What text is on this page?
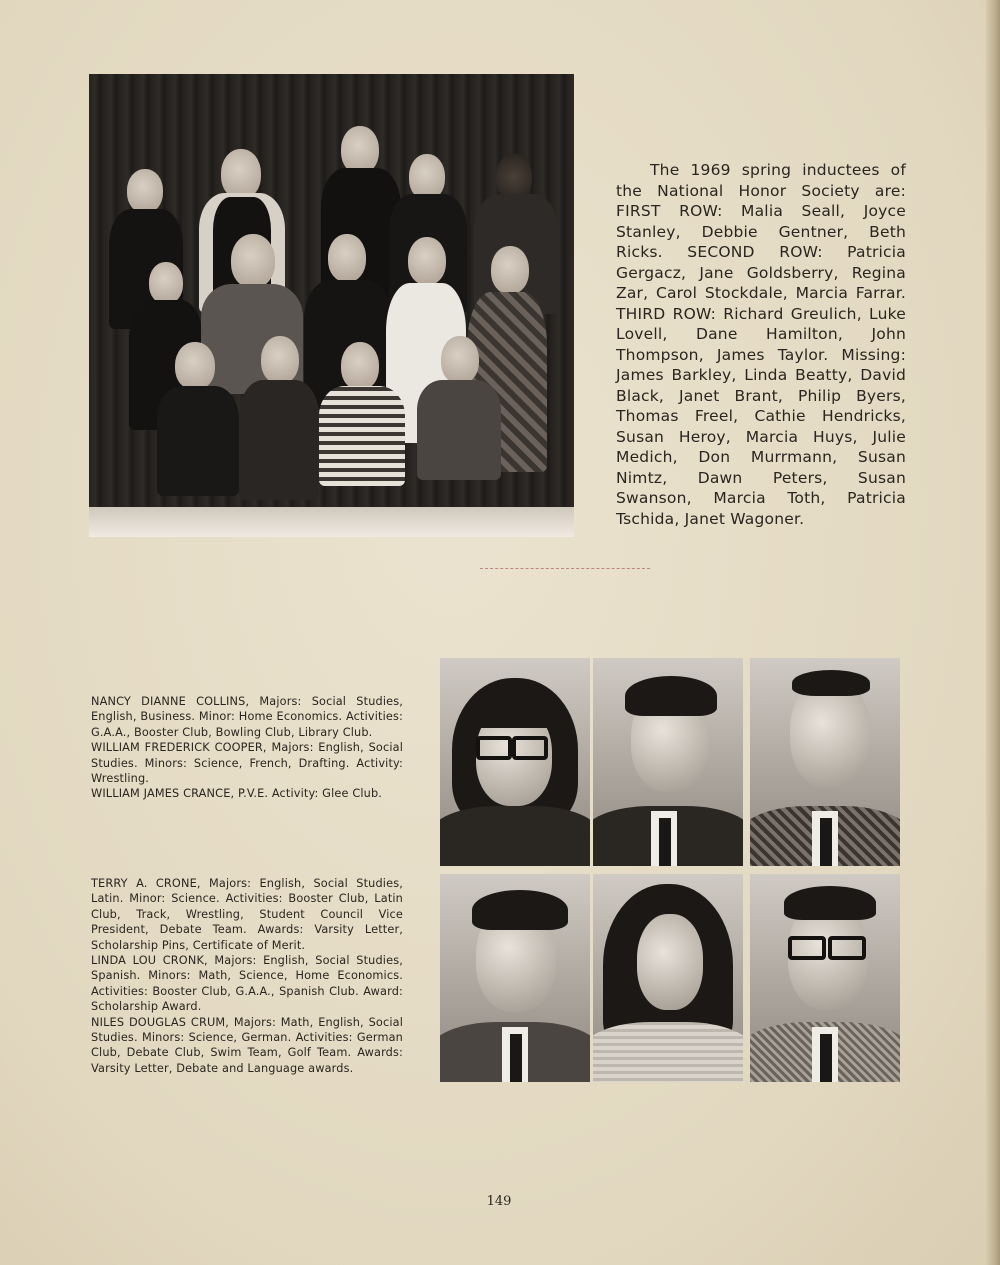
The 1969 spring inductees of the National Honor Society are: FIRST ROW: Malia Seall, Joyce Stanley, Debbie Gentner, Beth Ricks. SECOND ROW: Patricia Gergacz, Jane Goldsberry, Regina Zar, Carol Stockdale, Marcia Farrar. THIRD ROW: Richard Greulich, Luke Lovell, Dane Hamilton, John Thompson, James Taylor. Missing: James Barkley, Linda Beatty, David Black, Janet Brant, Philip Byers, Thomas Freel, Cathie Hendricks, Susan Heroy, Marcia Huys, Julie Medich, Don Murrmann, Susan Nimtz, Dawn Peters, Susan Swanson, Marcia Toth, Patricia Tschida, Janet Wagoner.

NANCY DIANNE COLLINS, Majors: Social Studies, English, Business. Minor: Home Economics. Activities: G.A.A., Booster Club, Bowling Club, Library Club.

WILLIAM FREDERICK COOPER, Majors: English, Social Studies. Minors: Science, French, Drafting. Activity: Wrestling.

WILLIAM JAMES CRANCE, P.V.E. Activity: Glee Club.

TERRY A. CRONE, Majors: English, Social Studies, Latin. Minor: Science. Activities: Booster Club, Latin Club, Track, Wrestling, Student Council Vice President, Debate Team. Awards: Varsity Letter, Scholarship Pins, Certificate of Merit.

LINDA LOU CRONK, Majors: English, Social Studies, Spanish. Minors: Math, Science, Home Economics. Activities: Booster Club, G.A.A., Spanish Club. Award: Scholarship Award.

NILES DOUGLAS CRUM, Majors: Math, English, Social Studies. Minors: Science, German. Activities: German Club, Debate Club, Swim Team, Golf Team. Awards: Varsity Letter, Debate and Language awards.

149
